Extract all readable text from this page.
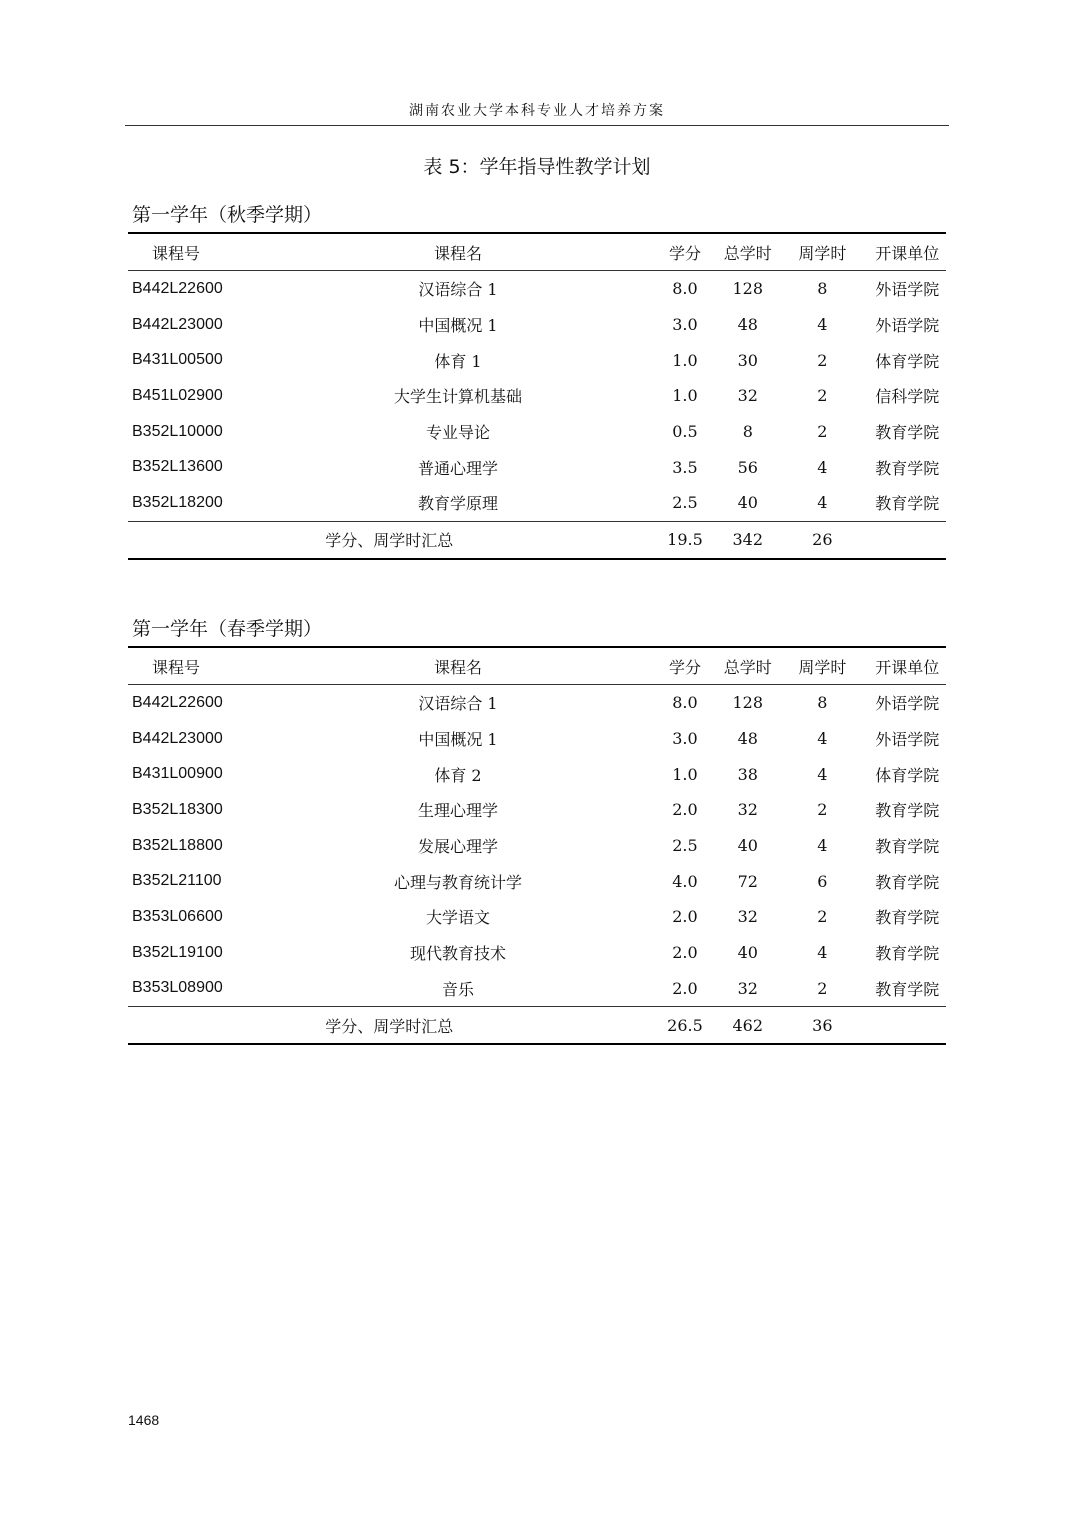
湖南农业大学本科专业人才培养方案
表 5：学年指导性教学计划
第一学年（秋季学期）
课程号	课程名	学分	总学时	周学时	开课单位
B442L22600	汉语综合 1	8.0	128	8	外语学院
B442L23000	中国概况 1	3.0	48	4	外语学院
B431L00500	体育 1	1.0	30	2	体育学院
B451L02900	大学生计算机基础	1.0	32	2	信科学院
B352L10000	专业导论	0.5	8	2	教育学院
B352L13600	普通心理学	3.5	56	4	教育学院
B352L18200	教育学原理	2.5	40	4	教育学院
学分、周学时汇总		19.5	342	26	
第一学年（春季学期）
课程号	课程名	学分	总学时	周学时	开课单位
B442L22600	汉语综合 1	8.0	128	8	外语学院
B442L23000	中国概况 1	3.0	48	4	外语学院
B431L00900	体育 2	1.0	38	4	体育学院
B352L18300	生理心理学	2.0	32	2	教育学院
B352L18800	发展心理学	2.5	40	4	教育学院
B352L21100	心理与教育统计学	4.0	72	6	教育学院
B353L06600	大学语文	2.0	32	2	教育学院
B352L19100	现代教育技术	2.0	40	4	教育学院
B353L08900	音乐	2.0	32	2	教育学院
学分、周学时汇总		26.5	462	36	
1468
